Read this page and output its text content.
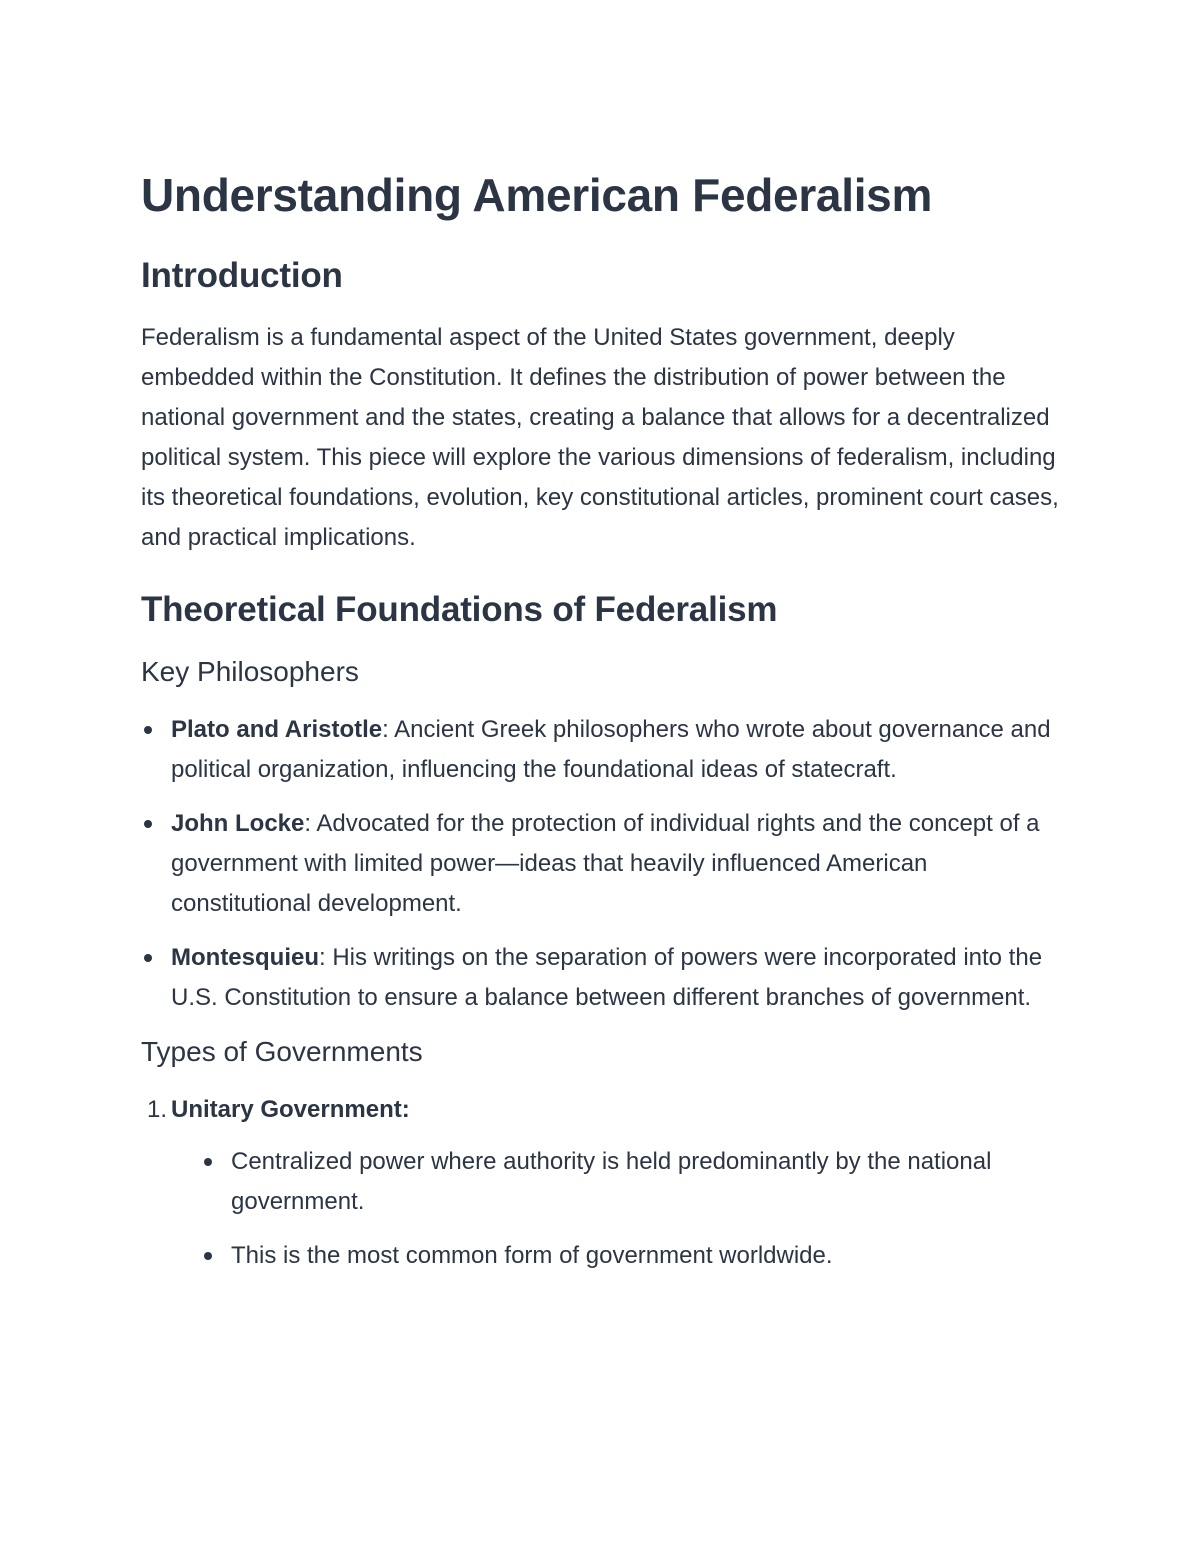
Understanding American Federalism
Introduction

Federalism is a fundamental aspect of the United States government, deeply embedded within the Constitution. It defines the distribution of power between the national government and the states, creating a balance that allows for a decentralized political system. This piece will explore the various dimensions of federalism, including its theoretical foundations, evolution, key constitutional articles, prominent court cases, and practical implications.

Theoretical Foundations of Federalism
Key Philosophers
Plato and Aristotle: Ancient Greek philosophers who wrote about governance and political organization, influencing the foundational ideas of statecraft.
John Locke: Advocated for the protection of individual rights and the concept of a government with limited power—ideas that heavily influenced American constitutional development.
Montesquieu: His writings on the separation of powers were incorporated into the U.S. Constitution to ensure a balance between different branches of government.
Types of Governments
1. Unitary Government:
Centralized power where authority is held predominantly by the national government.
This is the most common form of government worldwide.
